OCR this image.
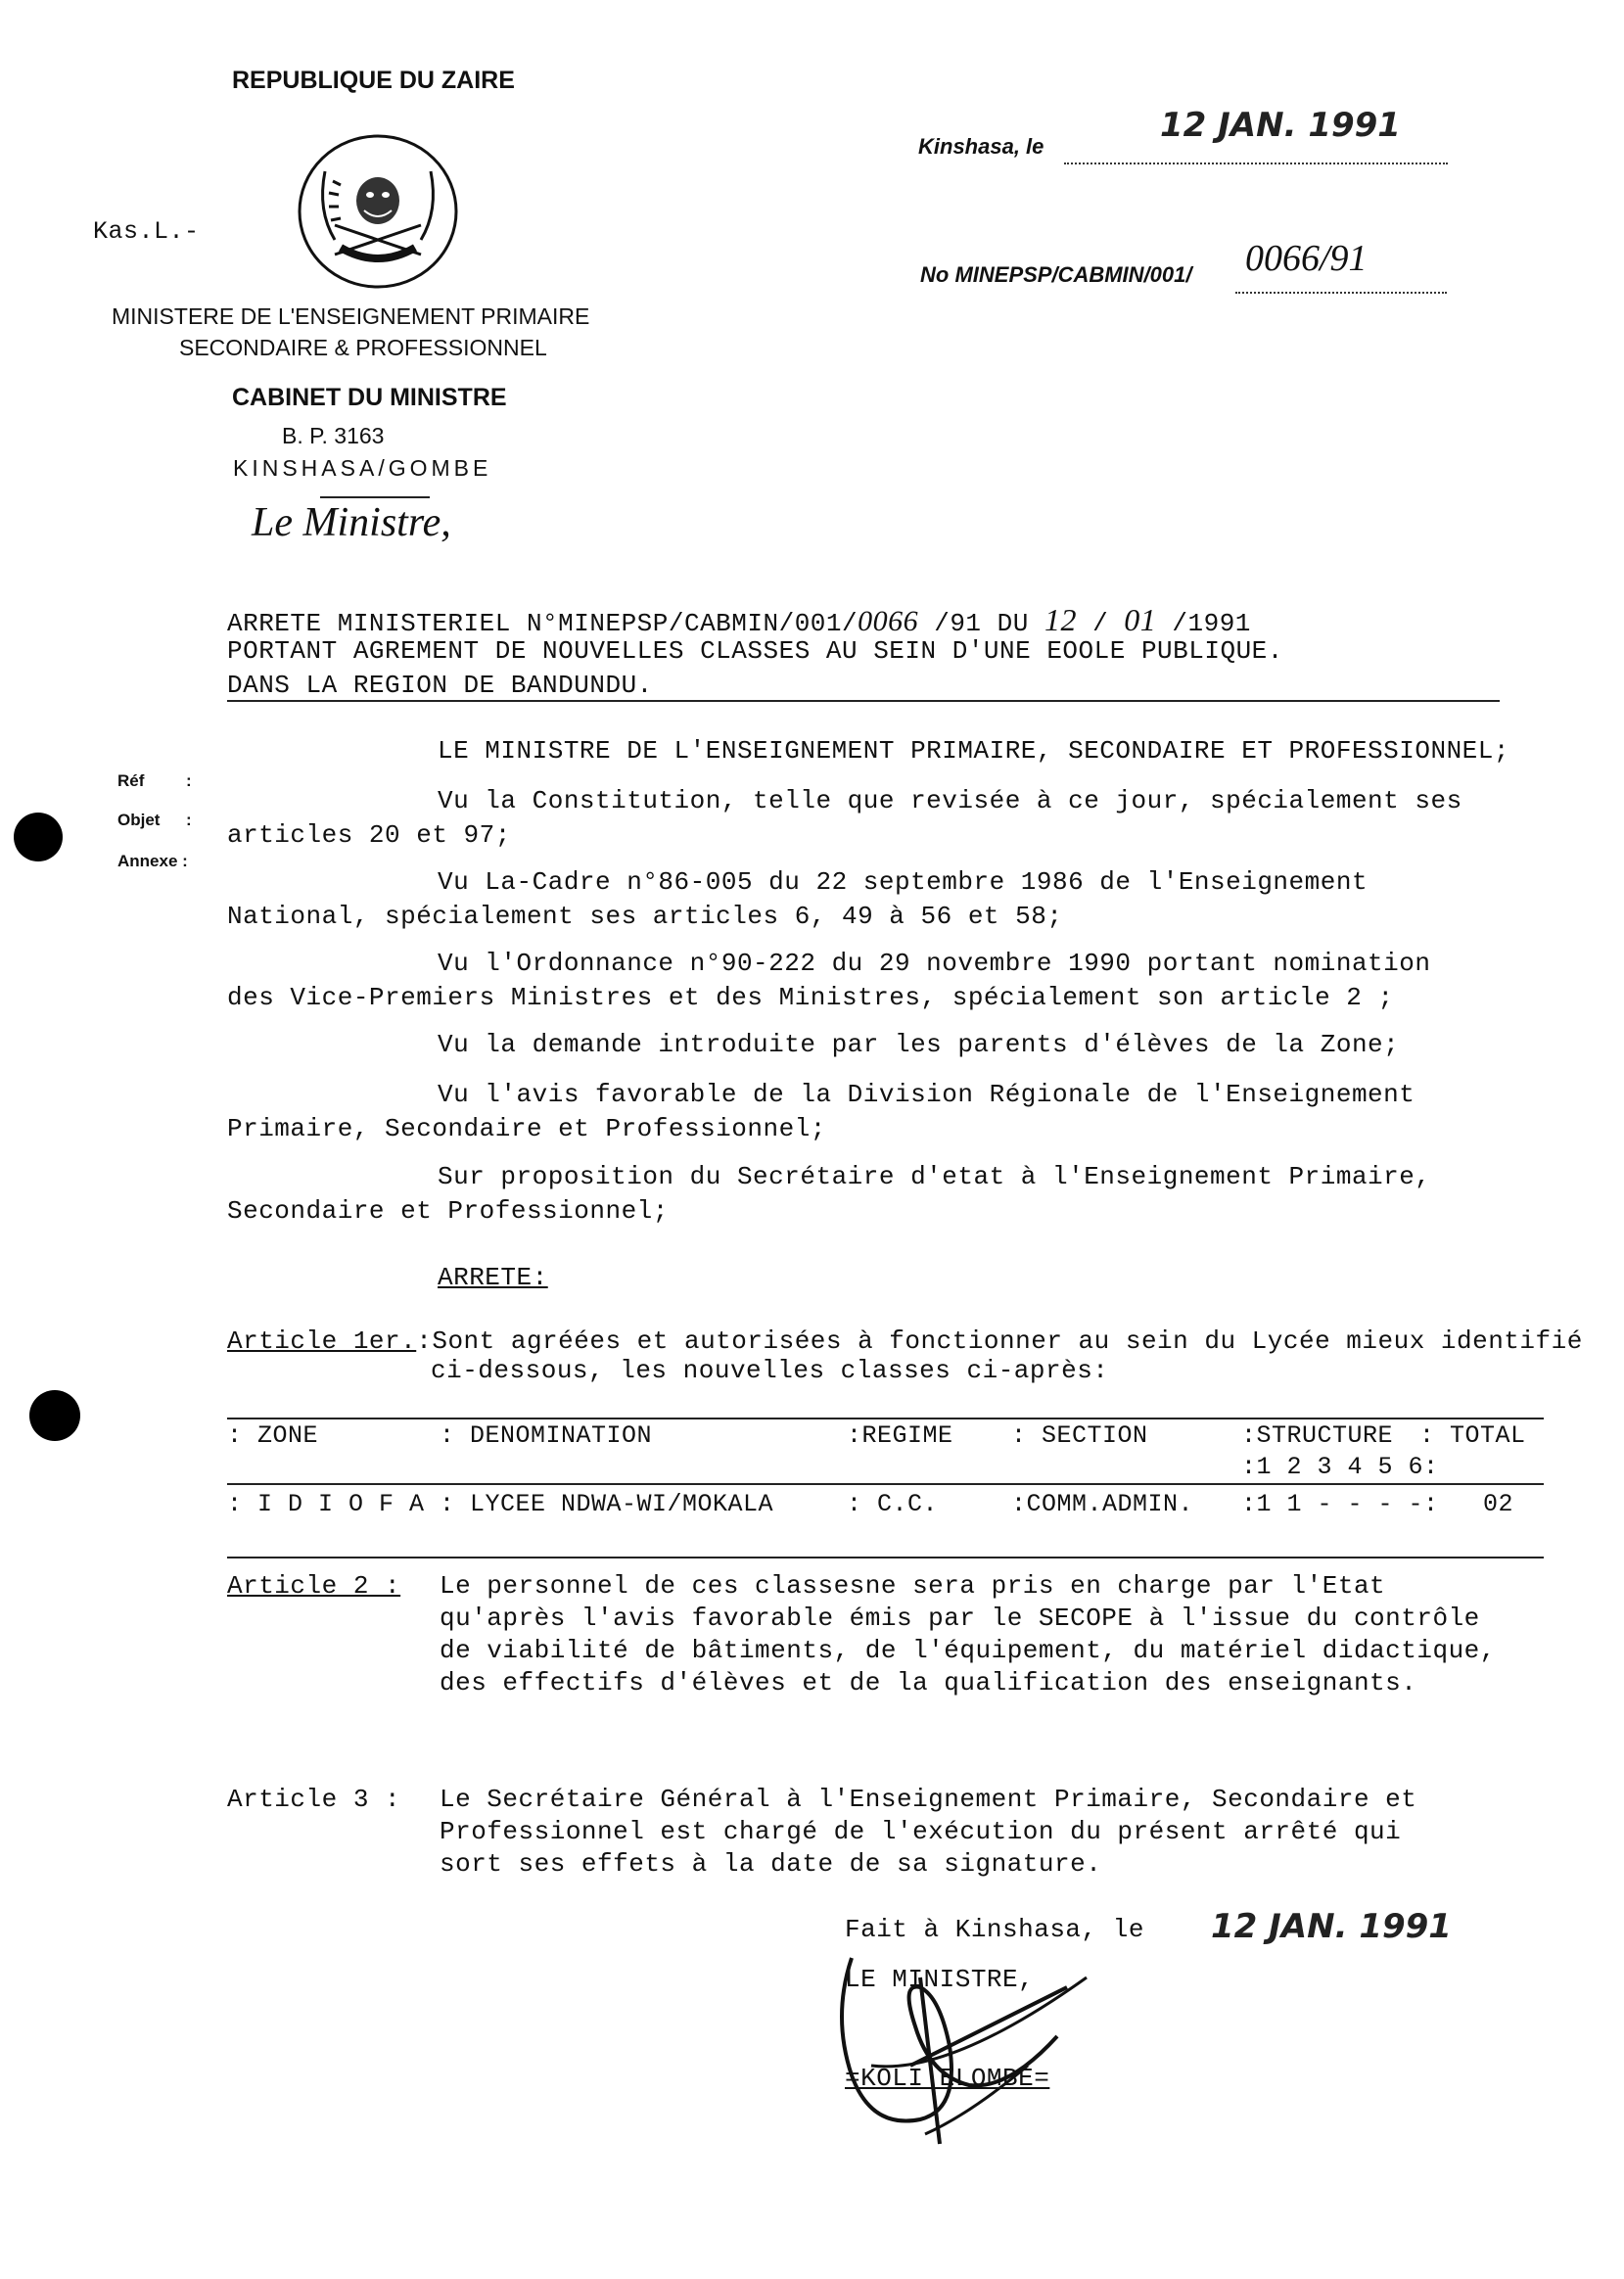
REPUBLIQUE DU ZAIRE
Kas.L.-
MINISTERE DE L'ENSEIGNEMENT PRIMAIRE
SECONDAIRE & PROFESSIONNEL
CABINET DU MINISTRE
B. P. 3163
KINSHASA/GOMBE
Le Ministre,
Kinshasa, le
12 JAN. 1991
No MINEPSP/CABMIN/001/ 0066/91
Réf	:
Objet :
Annexe :
ARRETE MINISTERIEL N°MINEPSP/CABMIN/001/0066 /91 DU 12 / 01 /1991
PORTANT AGREMENT DE NOUVELLES CLASSES AU SEIN D'UNE EOOLE PUBLIQUE.
DANS LA REGION DE BANDUNDU.
LE MINISTRE DE L'ENSEIGNEMENT PRIMAIRE, SECONDAIRE ET PROFESSIONNEL;
Vu la Constitution, telle que revisée à ce jour, spécialement ses
articles 20 et 97;
Vu La-Cadre n°86-005 du 22 septembre 1986 de l'Enseignement
National, spécialement ses articles 6, 49 à 56 et 58;
Vu l'Ordonnance n°90-222 du 29 novembre 1990 portant nomination
des Vice-Premiers Ministres et des Ministres, spécialement son article 2 ;
Vu la demande introduite par les parents d'élèves de la Zone;
Vu l'avis favorable de la Division Régionale de l'Enseignement
Primaire, Secondaire et Professionnel;
Sur proposition du Secrétaire d'etat à l'Enseignement Primaire,
Secondaire et Professionnel;
ARRETE:
Article 1er.:Sont agréées et autorisées à fonctionner au sein du Lycée mieux identifié
ci-dessous, les nouvelles classes ci-après:
: ZONE	: DENOMINATION	:REGIME : SECTION	:STRUCTURE : TOTAL
:1 2 3 4 5 6:
: I D I O F A : LYCEE NDWA-WI/MOKALA	: C.C.	:COMM.ADMIN. :1 1 - - - -: 02
Article 2 : Le personnel de ces classesne sera pris en charge par l'Etat
qu'après l'avis favorable émis par le SECOPE à l'issue du contrôle
de viabilité de bâtiments, de l'équipement, du matériel didactique,
des effectifs d'élèves et de la qualification des enseignants.
Article 3 : Le Secrétaire Général à l'Enseignement Primaire, Secondaire et
Professionnel est chargé de l'exécution du présent arrêté qui
sort ses effets à la date de sa signature.
Fait à Kinshasa, le 12 JAN. 1991
LE MINISTRE,
=KOLI ELOMBE=
